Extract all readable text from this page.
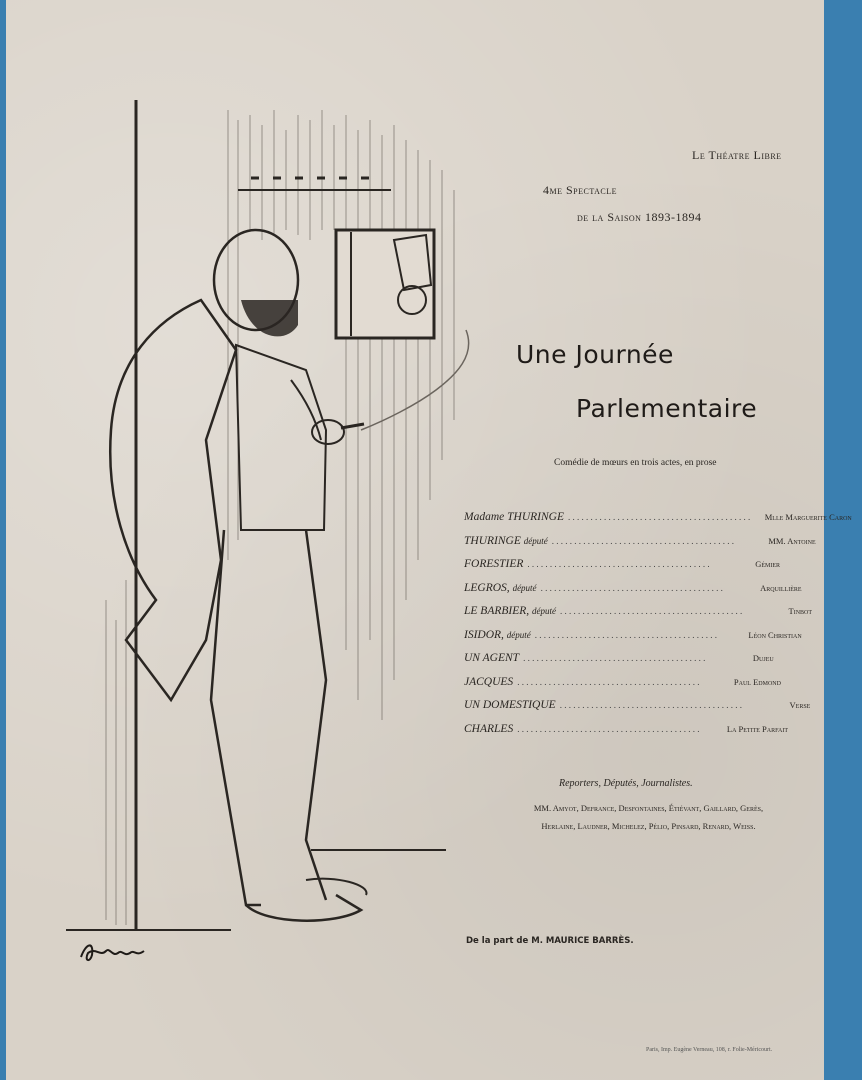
Le Théatre Libre
4me Spectacle
de la Saison 1893-1894
Une Journée
Parlementaire
Comédie de mœurs en trois actes, en prose
Madame THURINGE . . . . . . . . . . . . . . . . . . . . . . . . . . . . . . . . . . . . . . . . .	Mlle Marguerite Caron
THURINGE député . . . . . . . . . . . . . . . . . . . . . . . . . . . . . . . . . . . . . . . . .	MM. Antoine
FORESTIER . . . . . . . . . . . . . . . . . . . . . . . . . . . . . . . . . . . . . . . . .	Gémier
LEGROS, député . . . . . . . . . . . . . . . . . . . . . . . . . . . . . . . . . . . . . . . . .	Arquillière
LE BARBIER, député . . . . . . . . . . . . . . . . . . . . . . . . . . . . . . . . . . . . . . . . .	Tinbot
ISIDOR, député . . . . . . . . . . . . . . . . . . . . . . . . . . . . . . . . . . . . . . . . .	Léon Christian
UN AGENT . . . . . . . . . . . . . . . . . . . . . . . . . . . . . . . . . . . . . . . . .	Dujeu
JACQUES . . . . . . . . . . . . . . . . . . . . . . . . . . . . . . . . . . . . . . . . .	Paul Edmond
UN DOMESTIQUE . . . . . . . . . . . . . . . . . . . . . . . . . . . . . . . . . . . . . . . . .	Verse
CHARLES . . . . . . . . . . . . . . . . . . . . . . . . . . . . . . . . . . . . . . . . .	La Petite Parfait
Reporters, Députés, Journalistes.
MM. Amyot, Defrance, Desfontaines, Étiévant, Gaillard, Gerès,
Herlaine, Laudner, Michelez, Pélio, Pinsard, Renard, Weiss.
De la part de M. MAURICE BARRÈS.
Paris, Imp. Eugène Verneau, 108, r. Folie-Méricourt.
